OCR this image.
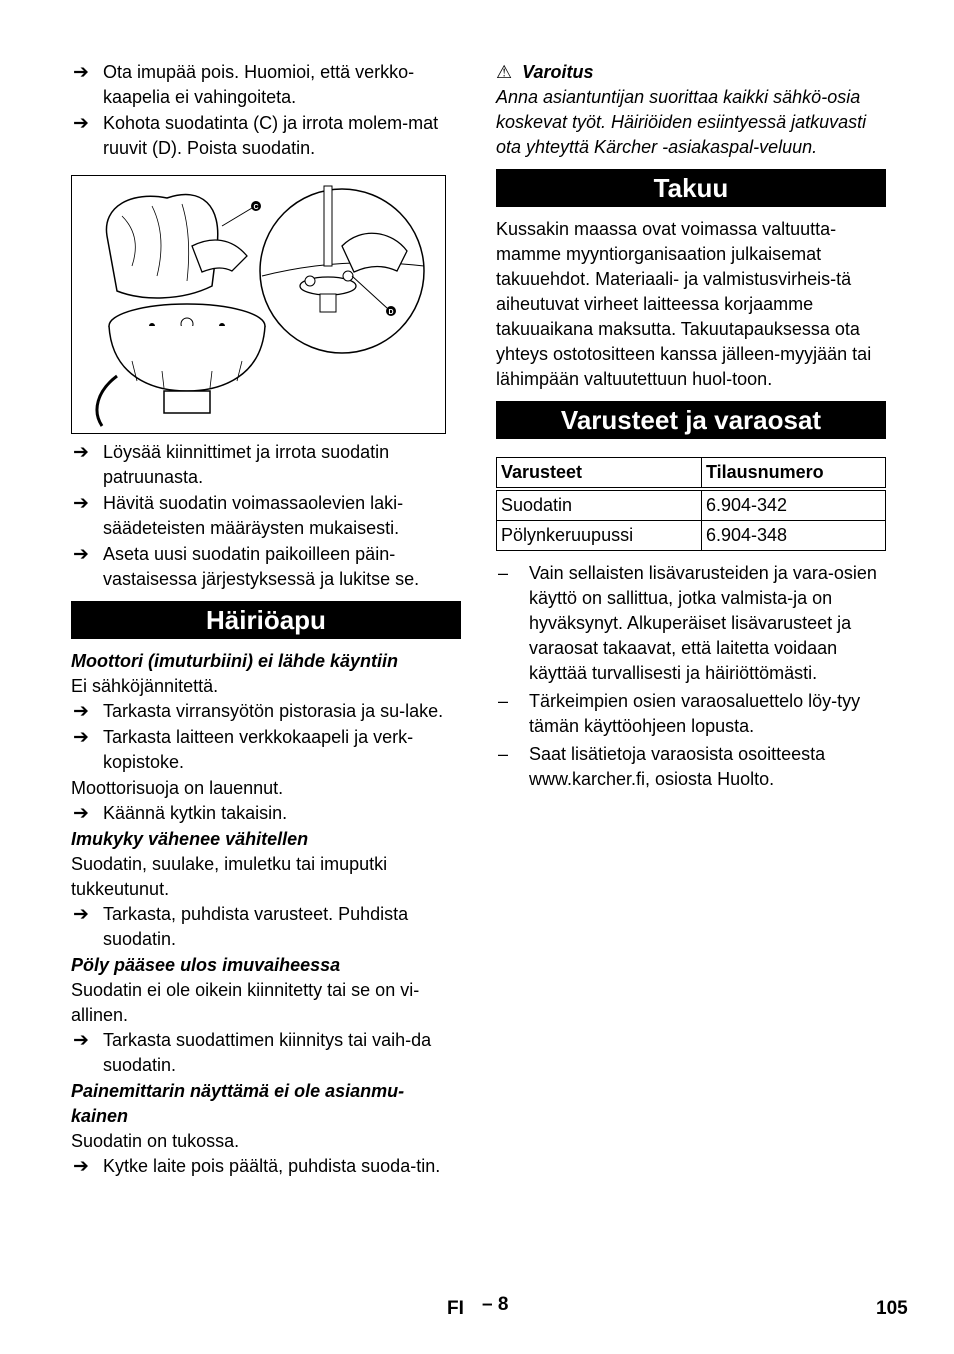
➔ Ota imupää pois. Huomioi, että verkko-kaapelia ei vahingoiteta.
➔ Kohota suodatinta (C) ja irrota molem-mat ruuvit (D). Poista suodatin.
C
D
➔ Löysää kiinnittimet ja irrota suodatin patruunasta.
➔ Hävitä suodatin voimassaolevien laki-säädeteisten määräysten mukaisesti.
➔ Aseta uusi suodatin paikoilleen päin-vastaisessa järjestyksessä ja lukitse se.
Häiriöapu
Moottori (imuturbiini) ei lähde käyntiin

Ei sähköjännitettä.

➔ Tarkasta virransyötön pistorasia ja su-lake.
➔ Tarkasta laitteen verkkokaapeli ja verk-kopistoke.

Moottorisuoja on lauennut.

➔ Käännä kytkin takaisin.
Imukyky vähenee vähitellen

Suodatin, suulake, imuletku tai imuputki tukkeutunut.

➔ Tarkasta, puhdista varusteet. Puhdista suodatin.
Pöly pääsee ulos imuvaiheessa

Suodatin ei ole oikein kiinnitetty tai se on vi-allinen.

➔ Tarkasta suodattimen kiinnitys tai vaih-da suodatin.
Painemittarin näyttämä ei ole asianmu-kainen

Suodatin on tukossa.

➔ Kytke laite pois päältä, puhdista suoda-tin.
⚠ Varoitus

Anna asiantuntijan suorittaa kaikki sähkö-osia koskevat työt. Häiriöiden esiintyessä jatkuvasti ota yhteyttä Kärcher -asiakaspal-veluun.

Takuu

Kussakin maassa ovat voimassa valtuutta-mamme myyntiorganisaation julkaisemat takuuehdot. Materiaali- ja valmistusvirheis-tä aiheutuvat virheet laitteessa korjaamme takuuaikana maksutta. Takuutapauksessa ota yhteys ostotositteen kanssa jälleen-myyjään tai lähimpään valtuutettuun huol-toon.

Varusteet ja varaosat
Varusteet	Tilausnumero

Suodatin	6.904-342
Pölynkeruupussi	6.904-348
– Vain sellaisten lisävarusteiden ja vara-osien käyttö on sallittua, jotka valmista-ja on hyväksynyt. Alkuperäiset lisävarusteet ja varaosat takaavat, että laitetta voidaan käyttää turvallisesti ja häiriöttömästi.
– Tärkeimpien osien varaosaluettelo löy-tyy tämän käyttöohjeen lopusta.
– Saat lisätietoja varaosista osoitteesta www.karcher.fi, osiosta Huolto.
FI – 8	105
